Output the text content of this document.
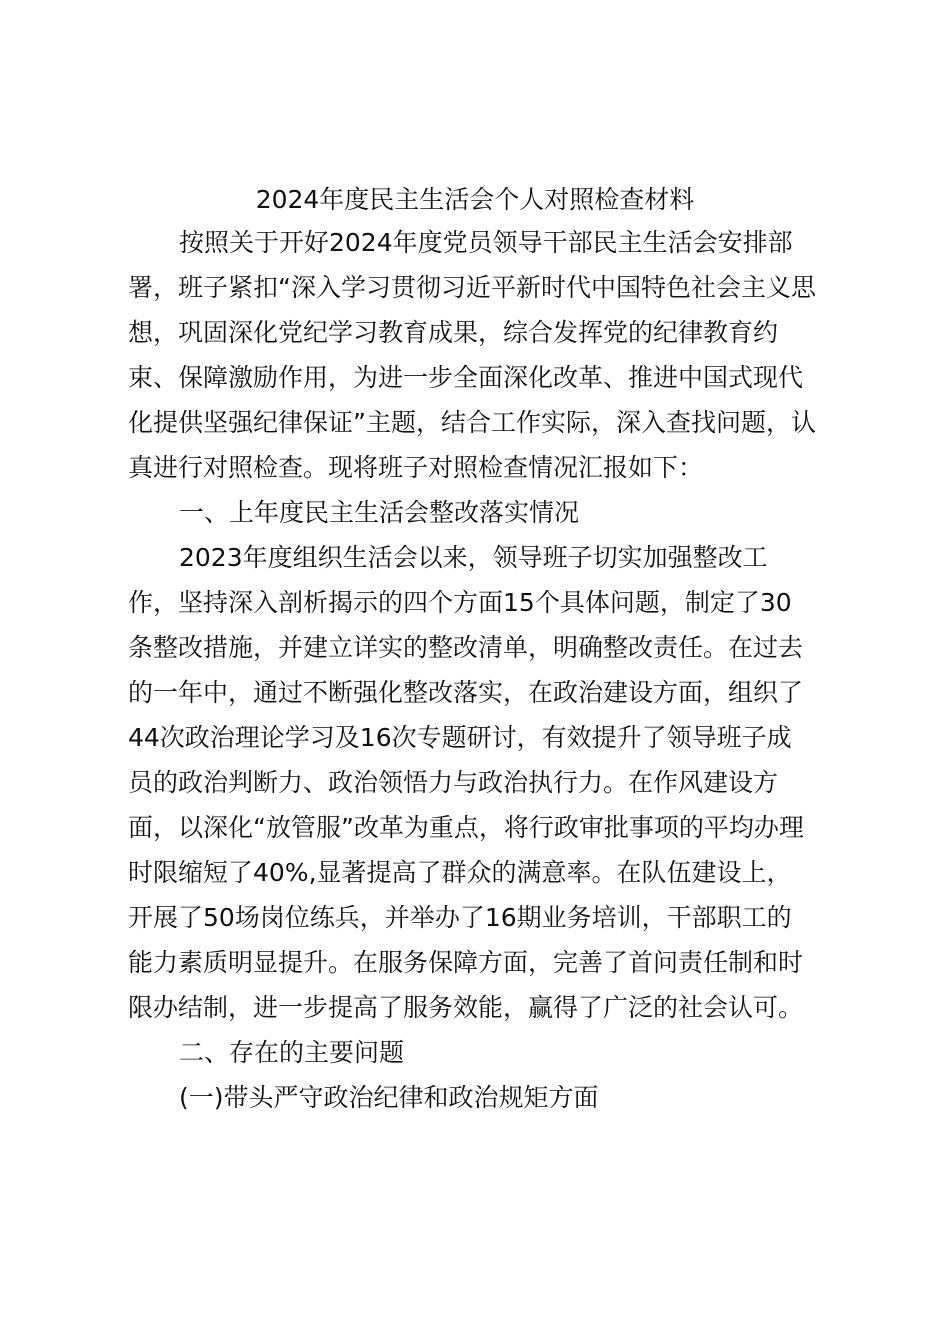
2024年度民主生活会个人对照检查材料
按照关于开好2024年度党员领导干部民主生活会安排部
署，班子紧扣“深入学习贯彻习近平新时代中国特色社会主义思
想，巩固深化党纪学习教育成果，综合发挥党的纪律教育约
束、保障激励作用，为进一步全面深化改革、推进中国式现代
化提供坚强纪律保证”主题，结合工作实际，深入查找问题，认
真进行对照检查。现将班子对照检查情况汇报如下：
一、上年度民主生活会整改落实情况
2023年度组织生活会以来，领导班子切实加强整改工
作，坚持深入剖析揭示的四个方面15个具体问题，制定了30
条整改措施，并建立详实的整改清单，明确整改责任。在过去
的一年中，通过不断强化整改落实，在政治建设方面，组织了
44次政治理论学习及16次专题研讨，有效提升了领导班子成
员的政治判断力、政治领悟力与政治执行力。在作风建设方
面，以深化“放管服”改革为重点，将行政审批事项的平均办理
时限缩短了40%,显著提高了群众的满意率。在队伍建设上，
开展了50场岗位练兵，并举办了16期业务培训，干部职工的
能力素质明显提升。在服务保障方面，完善了首问责任制和时
限办结制，进一步提高了服务效能，赢得了广泛的社会认可。
二、存在的主要问题
(一)带头严守政治纪律和政治规矩方面
